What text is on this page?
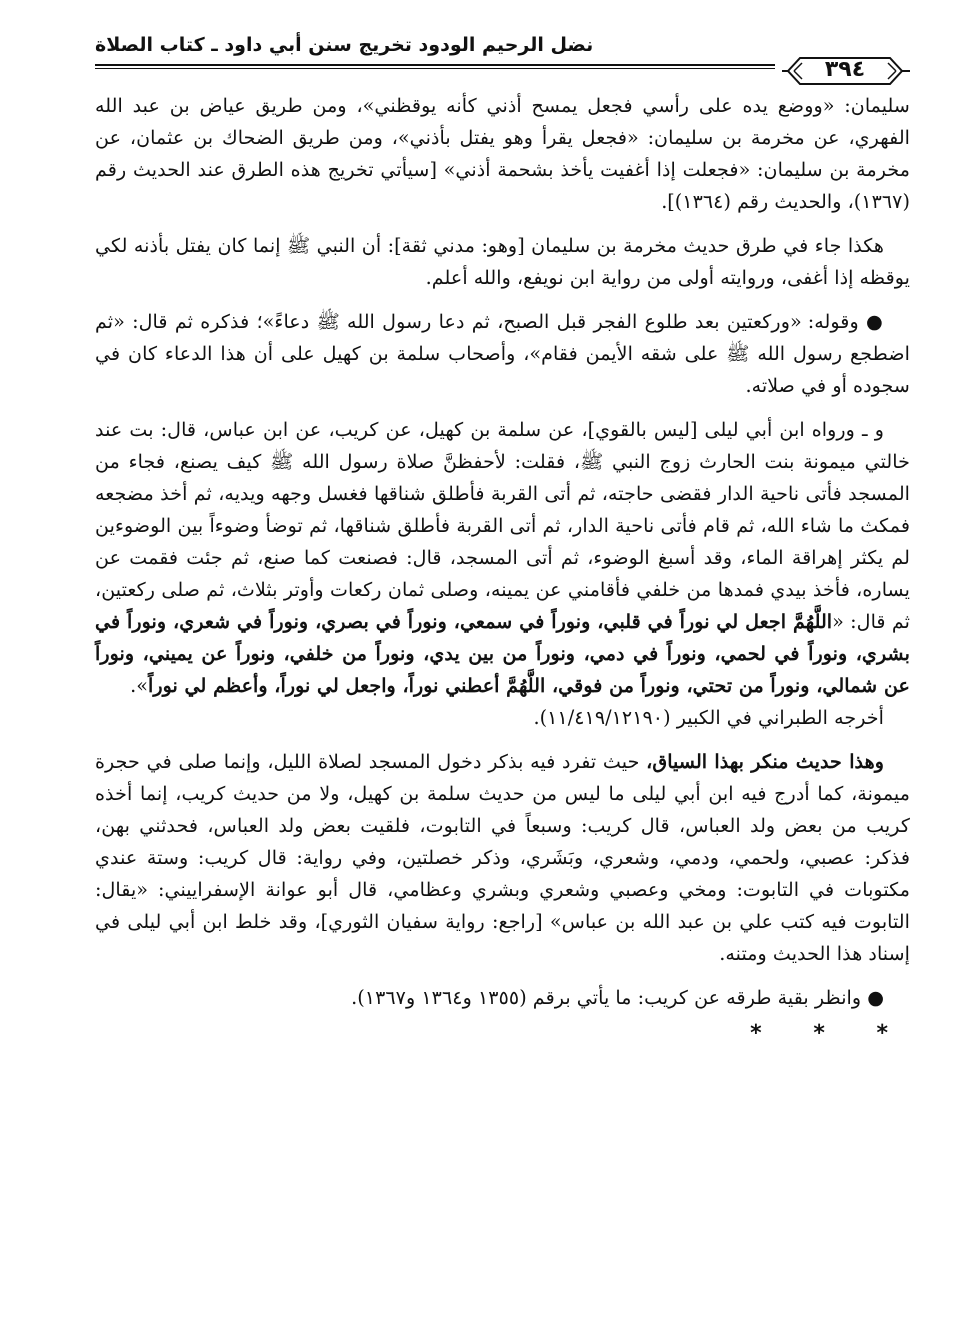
نضل الرحيم الودود تخريج سنن أبي داود ـ كتاب الصلاة
٣٩٤

سليمان: «ووضع يده على رأسي فجعل يمسح أذني كأنه يوقظني»، ومن طريق عياض بن عبد الله الفهري، عن مخرمة بن سليمان: «فجعل يقرأ وهو يفتل بأذني»، ومن طريق الضحاك بن عثمان، عن مخرمة بن سليمان: «فجعلت إذا أغفيت يأخذ بشحمة أذني» [سيأتي تخريج هذه الطرق عند الحديث رقم (١٣٦٧)، والحديث رقم (١٣٦٤)].

هكذا جاء في طرق حديث مخرمة بن سليمان [وهو: مدني ثقة]: أن النبي ﷺ إنما كان يفتل بأذنه لكي يوقظه إذا أغفى، وروايته أولى من رواية ابن نويفع، والله أعلم.

● وقوله: «وركعتين بعد طلوع الفجر قبل الصبح، ثم دعا رسول الله ﷺ دعاءً»؛ فذكره ثم قال: «ثم اضطجع رسول الله ﷺ على شقه الأيمن فقام»، وأصحاب سلمة بن كهيل على أن هذا الدعاء كان في سجوده أو في صلاته.

و ـ ورواه ابن أبي ليلى [ليس بالقوي]، عن سلمة بن كهيل، عن كريب، عن ابن عباس، قال: بت عند خالتي ميمونة بنت الحارث زوج النبي ﷺ، فقلت: لأحفظنَّ صلاة رسول الله ﷺ كيف يصنع، فجاء من المسجد فأتى ناحية الدار فقضى حاجته، ثم أتى القربة فأطلق شناقها فغسل وجهه ويديه، ثم أخذ مضجعه فمكث ما شاء الله، ثم قام فأتى ناحية الدار، ثم أتى القربة فأطلق شناقها، ثم توضأ وضوءاً بين الوضوءين لم يكثر إهراقة الماء، وقد أسبغ الوضوء، ثم أتى المسجد، قال: فصنعت كما صنع، ثم جئت فقمت عن يساره، فأخذ بيدي فمدها من خلفي فأقامني عن يمينه، وصلى ثمان ركعات وأوتر بثلاث، ثم صلى ركعتين، ثم قال: «اللَّهُمَّ اجعل لي نوراً في قلبي، ونوراً في سمعي، ونوراً في بصري، ونوراً في شعري، ونوراً في بشري، ونوراً في لحمي، ونوراً في دمي، ونوراً من بين يدي، ونوراً من خلفي، ونوراً عن يميني، ونوراً عن شمالي، ونوراً من تحتي، ونوراً من فوقي، اللَّهُمَّ أعطني نوراً، واجعل لي نوراً، وأعظم لي نوراً».

أخرجه الطبراني في الكبير (١١/٤١٩/١٢١٩٠).

وهذا حديث منكر بهذا السياق، حيث تفرد فيه بذكر دخول المسجد لصلاة الليل، وإنما صلى في حجرة ميمونة، كما أدرج فيه ابن أبي ليلى ما ليس من حديث سلمة بن كهيل، ولا من حديث كريب، إنما أخذه كريب من بعض ولد العباس، قال كريب: وسبعاً في التابوت، فلقيت بعض ولد العباس، فحدثني بهن، فذكر: عصبي، ولحمي، ودمي، وشعري، وبَشَري، وذكر خصلتين، وفي رواية: قال كريب: وستة عندي مكتوبات في التابوت: ومخي وعصبي وشعري وبشري وعظامي، قال أبو عوانة الإسفراييني: «يقال: التابوت فيه كتب علي بن عبد الله بن عباس» [راجع: رواية سفيان الثوري]، وقد خلط ابن أبي ليلى في إسناد هذا الحديث ومتنه.

● وانظر بقية طرقه عن كريب: ما يأتي برقم (١٣٥٥ و١٣٦٤ و١٣٦٧).

* * *
